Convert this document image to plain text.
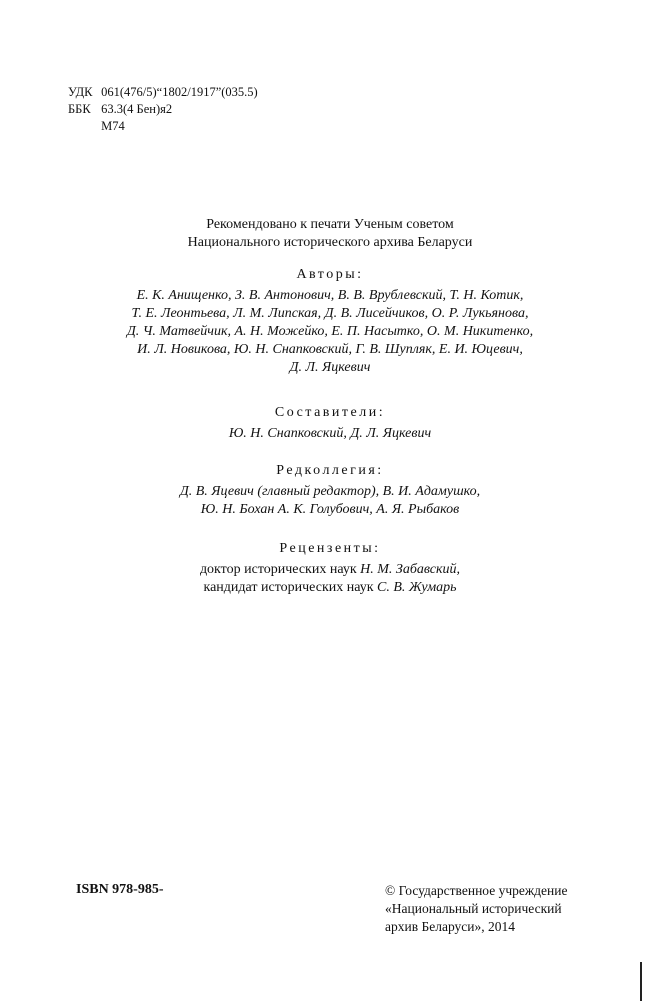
УДК 061(476/5)“1802/1917”(035.5)
ББК 63.3(4 Бен)я2
М74
Рекомендовано к печати Ученым советом
Национального исторического архива Беларуси
Авторы:
Е. К. Анищенко, З. В. Антонович, В. В. Врублевский, Т. Н. Котик,
Т. Е. Леонтьева, Л. М. Липская, Д. В. Лисейчиков, О. Р. Лукьянова,
Д. Ч. Матвейчик, А. Н. Можейко, Е. П. Насытко, О. М. Никитенко,
И. Л. Новикова, Ю. Н. Снапковский, Г. В. Шупляк, Е. И. Юцевич,
Д. Л. Яцкевич
Составители:
Ю. Н. Снапковский, Д. Л. Яцкевич
Редколлегия:
Д. В. Яцевич (главный редактор), В. И. Адамушко,
Ю. Н. Бохан А. К. Голубович, А. Я. Рыбаков
Рецензенты:
доктор исторических наук Н. М. Забавский,
кандидат исторических наук С. В. Жумарь
ISBN 978-985-	© Государственное учреждение
«Национальный исторический
архив Беларуси», 2014
